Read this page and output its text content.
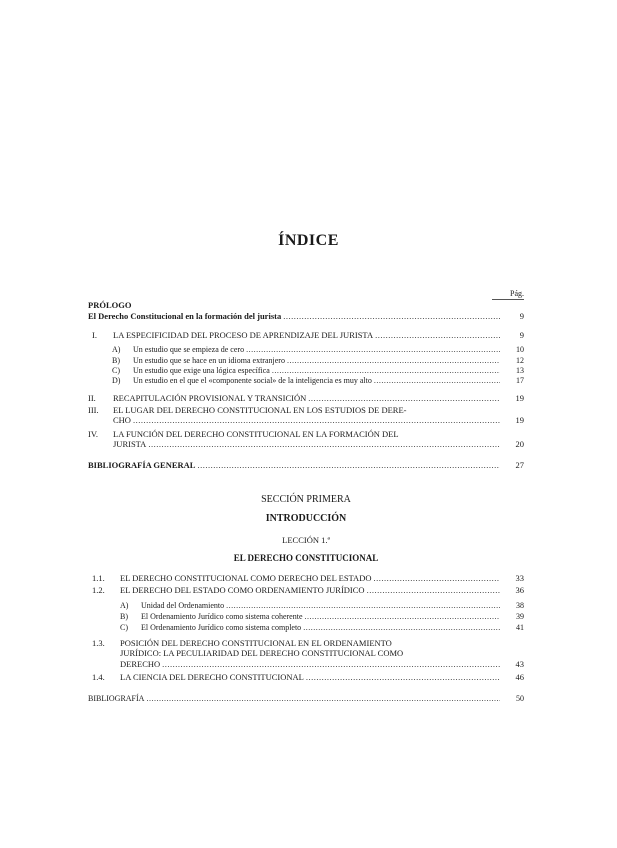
ÍNDICE
Pág.
PRÓLOGO
El Derecho Constitucional en la formación del jurista .....	9
I.	LA ESPECIFICIDAD DEL PROCESO DE APRENDIZAJE DEL JURISTA .....	9
A)	Un estudio que se empieza de cero .....	10
B)	Un estudio que se hace en un idioma extranjero .....	12
C)	Un estudio que exige una lógica específica .....	13
D)	Un estudio en el que el «componente social» de la inteligencia es muy alto .....	17
II.	RECAPITULACIÓN PROVISIONAL Y TRANSICIÓN .....	19
III. EL LUGAR DEL DERECHO CONSTITUCIONAL EN LOS ESTUDIOS DE DERE-
CHO .....	19
IV. LA FUNCIÓN DEL DERECHO CONSTITUCIONAL EN LA FORMACIÓN DEL
JURISTA .....	20
BIBLIOGRAFÍA GENERAL .....	27
SECCIÓN PRIMERA
INTRODUCCIÓN
LECCIÓN 1.ª
EL DERECHO CONSTITUCIONAL
1.1.	EL DERECHO CONSTITUCIONAL COMO DERECHO DEL ESTADO .....	33
1.2.	EL DERECHO DEL ESTADO COMO ORDENAMIENTO JURÍDICO .....	36
A)	Unidad del Ordenamiento .....	38
B)	El Ordenamiento Jurídico como sistema coherente .....	39
C)	El Ordenamiento Jurídico como sistema completo .....	41
1.3. POSICIÓN DEL DERECHO CONSTITUCIONAL EN EL ORDENAMIENTO
JURÍDICO: LA PECULIARIDAD DEL DERECHO CONSTITUCIONAL COMO
DERECHO .....	43
1.4.	LA CIENCIA DEL DERECHO CONSTITUCIONAL .....	46
BIBLIOGRAFÍA .....	50
